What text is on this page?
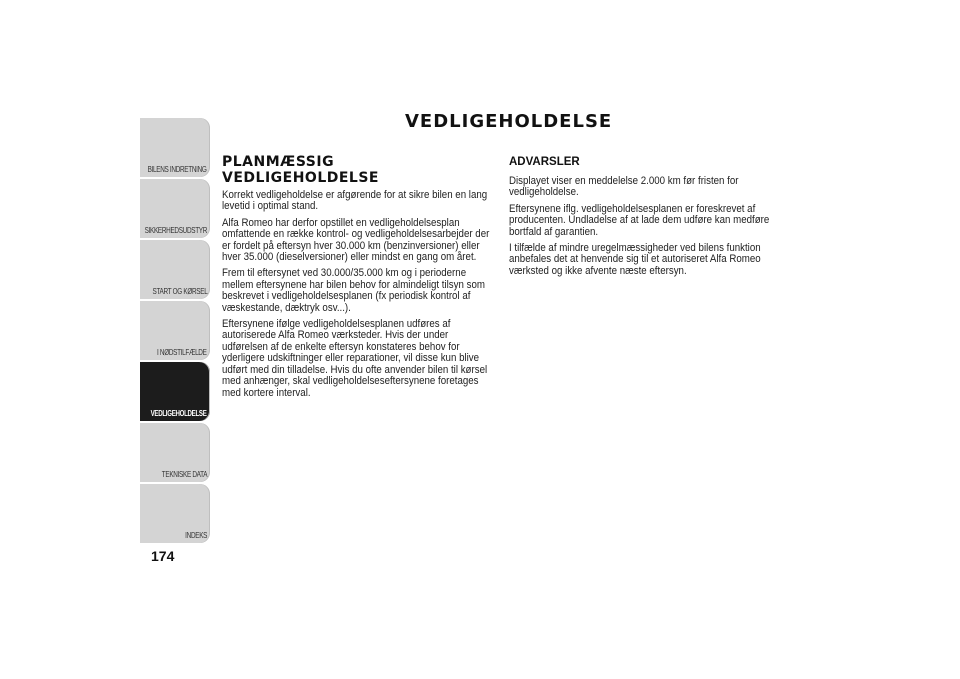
BILENS INDRETNING
SIKKERHEDSUDSTYR
START OG KØRSEL
I NØDSTILFÆLDE
VEDLIGEHOLDELSE
TEKNISKE DATA
INDEKS
174
VEDLIGEHOLDELSE
PLANMÆSSIG
VEDLIGEHOLDELSE

Korrekt vedligeholdelse er afgørende for at sikre bilen en lang levetid i optimal stand.

Alfa Romeo har derfor opstillet en vedligeholdelsesplan omfattende en række kontrol- og vedligeholdelsesarbejder der er fordelt på eftersyn hver 30.000 km (benzinversioner) eller hver 35.000 (dieselversioner) eller mindst en gang om året.

Frem til eftersynet ved 30.000/35.000 km og i perioderne mellem eftersynene har bilen behov for almindeligt tilsyn som beskrevet i vedligeholdelsesplanen (fx periodisk kontrol af væskestande, dæktryk osv...).

Eftersynene ifølge vedligeholdelsesplanen udføres af autoriserede Alfa Romeo værksteder. Hvis der under udførelsen af de enkelte eftersyn konstateres behov for yderligere udskiftninger eller reparationer, vil disse kun blive udført med din tilladelse. Hvis du ofte anvender bilen til kørsel med anhænger, skal vedligeholdelseseftersynene foretages med kortere interval.

ADVARSLER

Displayet viser en meddelelse 2.000 km før fristen for vedligeholdelse.

Eftersynene iflg. vedligeholdelsesplanen er foreskrevet af producenten. Undladelse af at lade dem udføre kan medføre bortfald af garantien.

I tilfælde af mindre uregelmæssigheder ved bilens funktion anbefales det at henvende sig til et autoriseret Alfa Romeo værksted og ikke afvente næste eftersyn.
